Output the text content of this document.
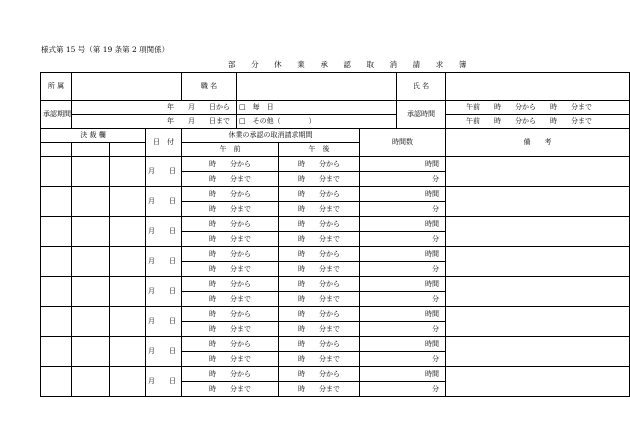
様式第 15 号（第 19 条第 2 項関係）
部 分 休 業 承 認 取 消 請 求 簿
所 属				職 名				氏 名	
承認期間	年　　月　　日から				□　毎　日			承認時間	午前　　時　　分から　　時　　分まで
	年　　月　　日まで				□　その他（　　　　）				午前　　時　　分から　　時　　分まで
決 裁 欄			日　付	休業の承認の取消請求期間			時間数		備　　考
				午　前		午　後			
			月　　日	時　　分から		時　　分から	時間		
				時　　分まで		時　　分まで	分		
			月　　日	時　　分から		時　　分から	時間		
				時　　分まで		時　　分まで	分		
			月　　日	時　　分から		時　　分から	時間		
				時　　分まで		時　　分まで	分		
			月　　日	時　　分から		時　　分から	時間		
				時　　分まで		時　　分まで	分		
			月　　日	時　　分から		時　　分から	時間		
				時　　分まで		時　　分まで	分		
			月　　日	時　　分から		時　　分から	時間		
				時　　分まで		時　　分まで	分		
			月　　日	時　　分から		時　　分から	時間		
				時　　分まで		時　　分まで	分		
			月　　日	時　　分から		時　　分から	時間		
				時　　分まで		時　　分まで	分		
